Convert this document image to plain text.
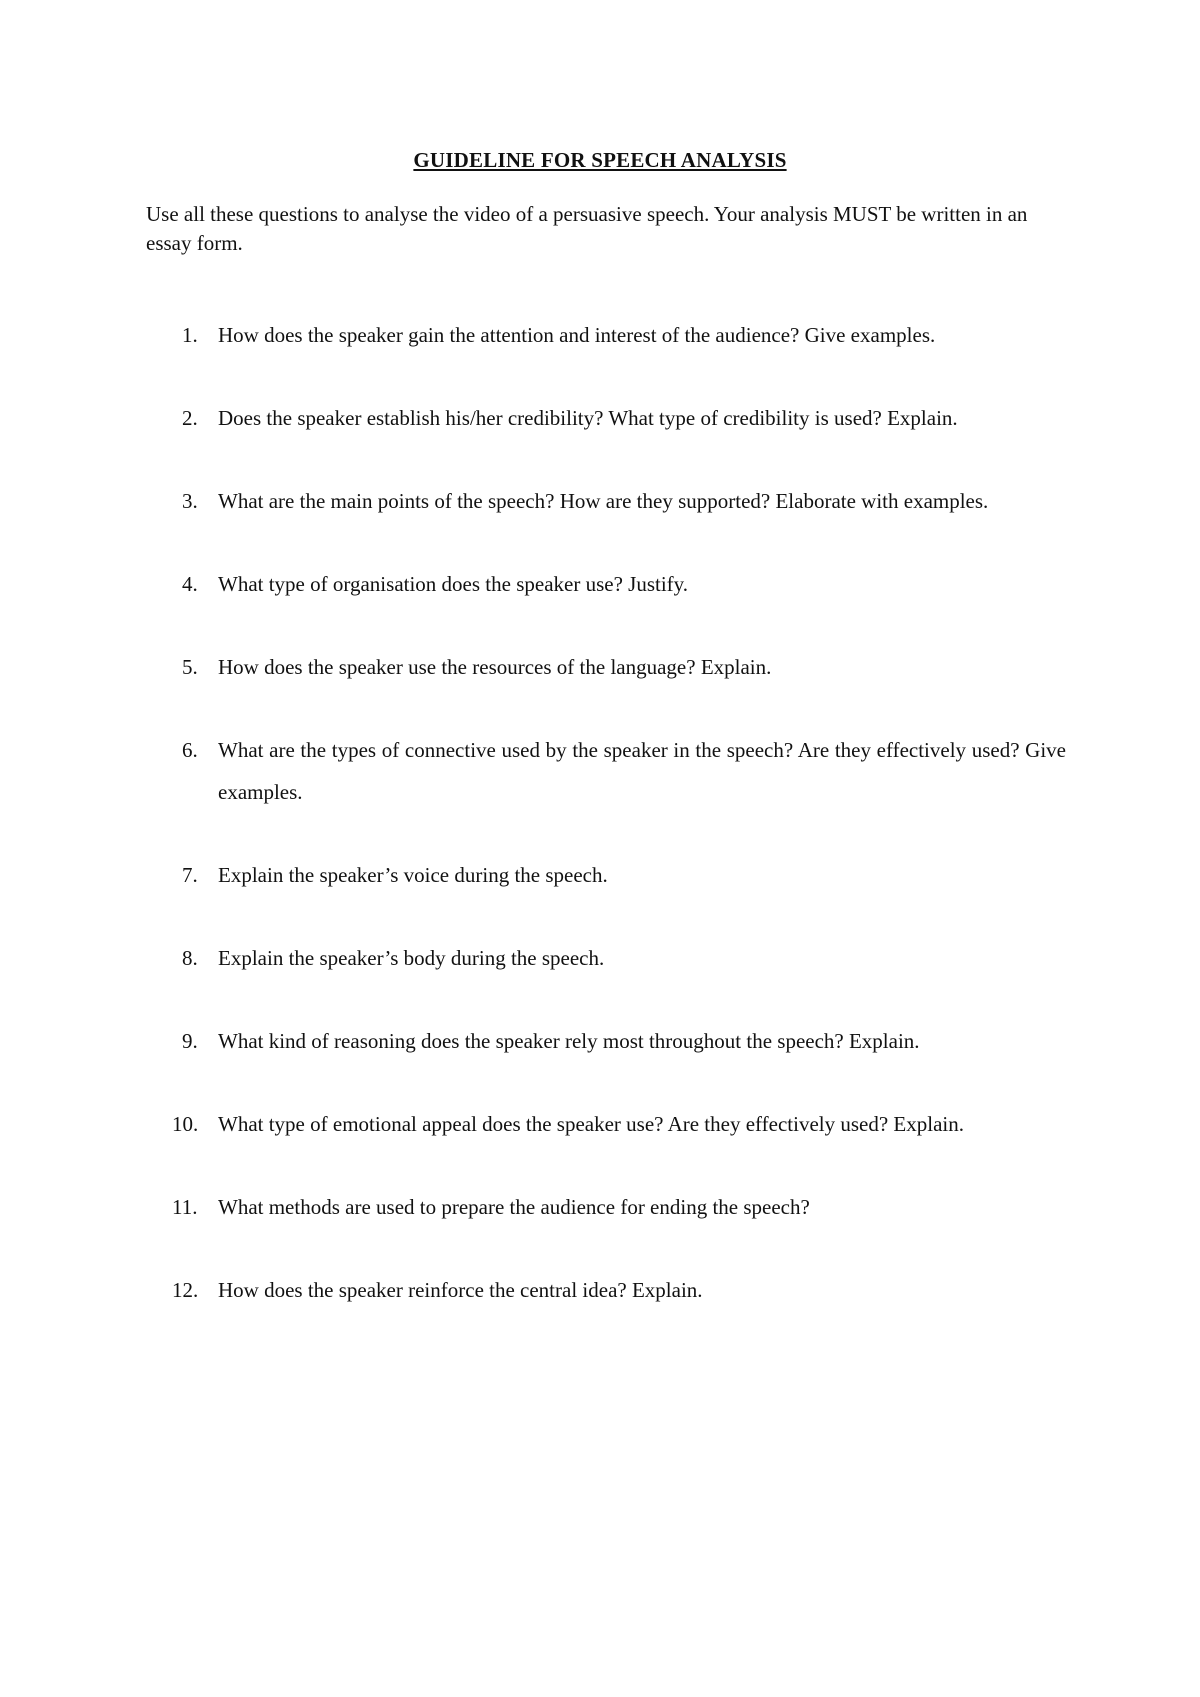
GUIDELINE FOR SPEECH ANALYSIS

Use all these questions to analyse the video of a persuasive speech. Your analysis MUST be written in an essay form.

1. How does the speaker gain the attention and interest of the audience? Give examples.
2. Does the speaker establish his/her credibility? What type of credibility is used? Explain.
3. What are the main points of the speech? How are they supported? Elaborate with examples.
4. What type of organisation does the speaker use? Justify.
5. How does the speaker use the resources of the language? Explain.
6. What are the types of connective used by the speaker in the speech? Are they effectively used? Give examples.
7. Explain the speaker’s voice during the speech.
8. Explain the speaker’s body during the speech.
9. What kind of reasoning does the speaker rely most throughout the speech? Explain.
10. What type of emotional appeal does the speaker use? Are they effectively used? Explain.
11. What methods are used to prepare the audience for ending the speech?
12. How does the speaker reinforce the central idea? Explain.
